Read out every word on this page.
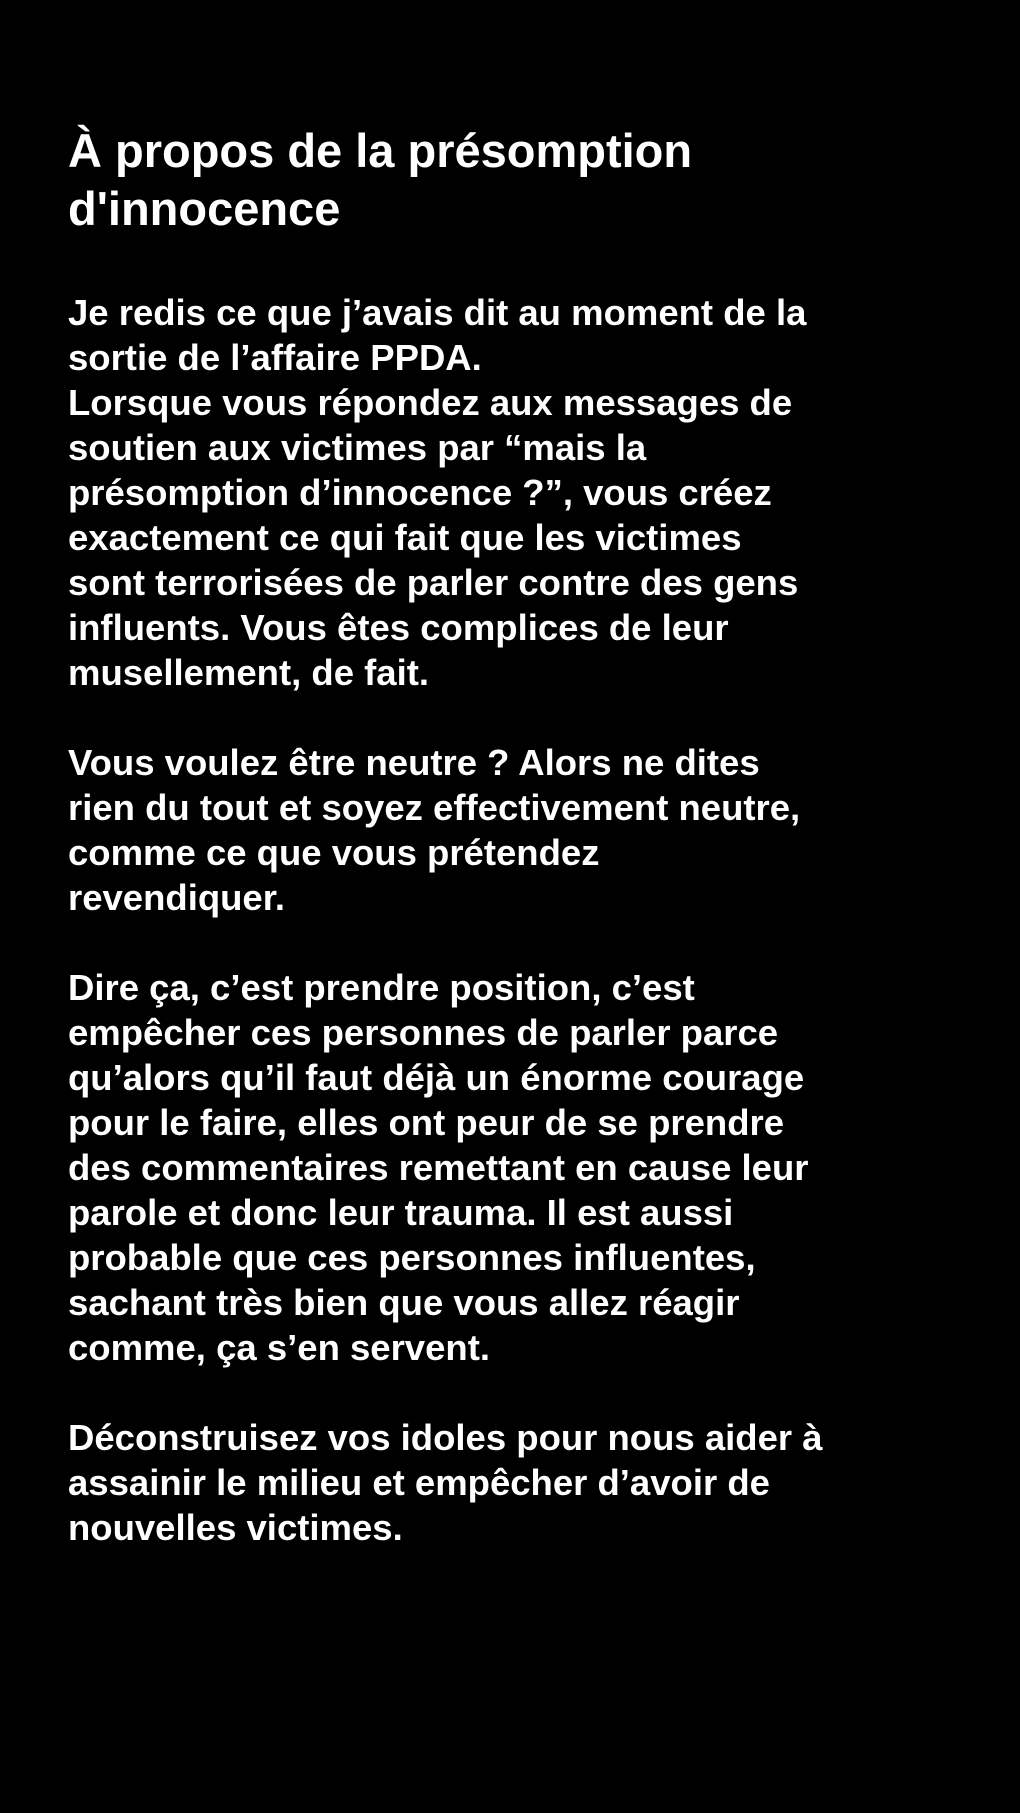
À propos de la présomption
d'innocence

Je redis ce que j’avais dit au moment de la
sortie de l’affaire PPDA.
Lorsque vous répondez aux messages de
soutien aux victimes par “mais la
présomption d’innocence ?”, vous créez
exactement ce qui fait que les victimes
sont terrorisées de parler contre des gens
influents. Vous êtes complices de leur
musellement, de fait.

Vous voulez être neutre ? Alors ne dites
rien du tout et soyez effectivement neutre,
comme ce que vous prétendez
revendiquer.

Dire ça, c’est prendre position, c’est
empêcher ces personnes de parler parce
qu’alors qu’il faut déjà un énorme courage
pour le faire, elles ont peur de se prendre
des commentaires remettant en cause leur
parole et donc leur trauma. Il est aussi
probable que ces personnes influentes,
sachant très bien que vous allez réagir
comme, ça s’en servent.

Déconstruisez vos idoles pour nous aider à
assainir le milieu et empêcher d’avoir de
nouvelles victimes.
